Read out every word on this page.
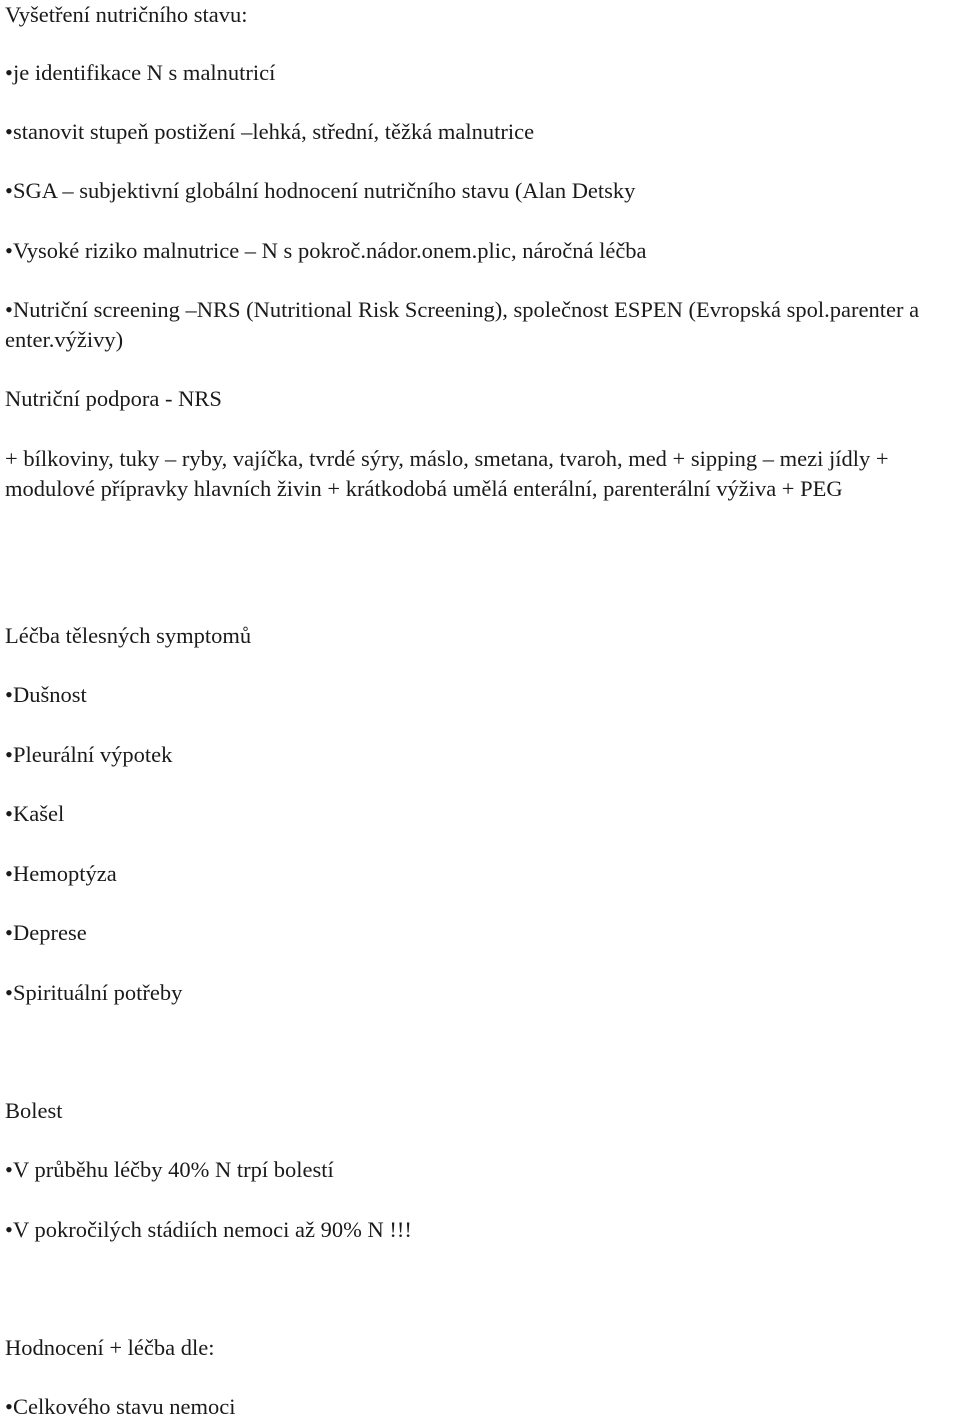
Vyšetření nutričního stavu:
•je identifikace N s malnutricí
•stanovit stupeň postižení –lehká, střední, těžká malnutrice
•SGA – subjektivní globální hodnocení nutričního stavu (Alan Detsky
•Vysoké riziko malnutrice – N s pokroč.nádor.onem.plic, náročná léčba
•Nutriční screening –NRS (Nutritional Risk Screening), společnost ESPEN (Evropská spol.parenter a enter.výživy)
Nutriční podpora - NRS
+ bílkoviny, tuky – ryby, vajíčka, tvrdé sýry, máslo, smetana, tvaroh, med + sipping – mezi jídly + modulové přípravky hlavních živin + krátkodobá umělá enterální, parenterální výživa + PEG
Léčba tělesných symptomů
•Dušnost
•Pleurální výpotek
•Kašel
•Hemoptýza
•Deprese
•Spirituální potřeby
Bolest
•V průběhu léčby 40% N trpí bolestí
•V pokročilých stádiích nemoci až 90% N !!!
Hodnocení + léčba dle:
•Celkového stavu nemoci
